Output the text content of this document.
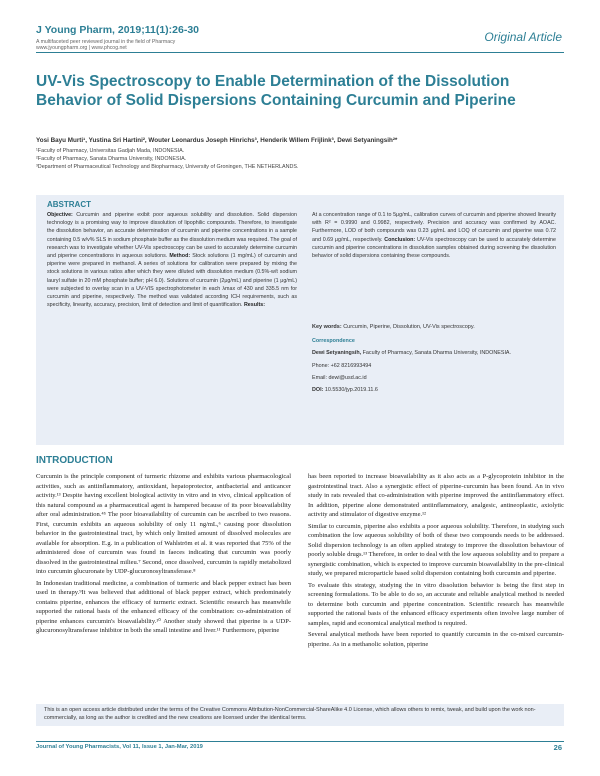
J Young Pharm, 2019;11(1):26-30
A multifaceted peer reviewed journal in the field of Pharmacy
www.jyoungpharm.org | www.phcog.net
Original Article
UV-Vis Spectroscopy to Enable Determination of the Dissolution Behavior of Solid Dispersions Containing Curcumin and Piperine
Yosi Bayu Murti¹, Yustina Sri Hartini², Wouter Leonardus Joseph Hinrichs³, Henderik Willem Frijlink³, Dewi Setyaningsih²*
¹Faculty of Pharmacy, Universitas Gadjah Mada, INDONESIA.
²Faculty of Pharmacy, Sanata Dharma University, INDONESIA.
³Department of Pharmaceutical Technology and Biopharmacy, University of Groningen, THE NETHERLANDS.
ABSTRACT
Objective: Curcumin and piperine exibit poor aqueous solubility and dissolution. Solid dispersion technology is a promising way to improve dissolution of lipophilic compounds. Therefore, to investigate the dissolution behavior, an accurate determination of curcumin and piperine concentrations in a sample containing 0.5 w/v% SLS in sodium phosphate buffer as the dissolution medium was required. The goal of research was to investigate whether UV-Vis spectroscopy can be used to accurately determine curcumin and piperine concentrations in aqueous solutions. Method: Stock solutions (1 mg/mL) of curcumin and piperine were prepared in methanol. A series of solutions for calibration were prepared by mixing the stock solutions in various ratios after which they were diluted with dissolution medium (0.5%-w/t sodium lauryl sulfate in 20 mM phosphate buffer; pH 6.0). Solutions of curcumin (2μg/mL) and piperine (1 μg/mL) were subjected to overlay scan in a UV-VIS spectrophotometer in each λmax of 430 and 335.5 nm for curcumin and piperine, respectively. The method was validated according ICH requirements, such as specificity, linearity, accuracy, precision, limit of detection and limit of quantification. Results:
At a concentration range of 0.1 to 5μg/mL, calibration curves of curcumin and piperine showed linearity with R² = 0.9990 and 0.9982, respectively. Precision and accuracy was confirmed by AOAC. Furthermore, LOD of both compounds was 0.23 μg/mL and LOQ of curcumin and piperine was 0.72 and 0.69 μg/mL, respectively. Conclusion: UV-Vis spectroscopy can be used to accurately determine curcumin and piperine concentrations in dissolution samples obtained during screening the dissolution behavior of solid dispersions containing these compounds.
Key words: Curcumin, Piperine, Dissolution, UV-Vis spectroscopy.
Correspondence
Dewi Setyaningsih, Faculty of Pharmacy, Sanata Dharma University, INDONESIA.
Phone: +62 8216993494
Email: dewi@usd.ac.id
DOI: 10.5530/jyp.2019.11.6
INTRODUCTION

Curcumin is the principle component of turmeric rhizome and exhibits various pharmacological activities, such as antiinflammatory, antioxidant, hepatoprotector, antibacterial and anticancer activity.¹³ Despite having excellent biological activity in vitro and in vivo, clinical application of this natural compound as a pharmaceutical agent is hampered because of its poor bioavailability after oral administration.⁴⁵ The poor bioavailability of curcumin can be ascribed to two reasons. First, curcumin exhibits an aqueous solubility of only 11 ng/mL,⁶ causing poor dissolution behavior in the gastrointestinal tract, by which only limited amount of dissolved molecules are available for absorption. E.g. in a publication of Wahlström et al. it was reported that 75% of the administered dose of curcumin was found in faeces indicating that curcumin was poorly dissolved in the gastrointestinal milieu.⁷ Second, once dissolved, curcumin is rapidly metabolized into curcumin glucuronate by UDP-glucuronosyltransferase.⁸

In Indonesian traditional medicine, a combination of turmeric and black pepper extract has been used in therapy.⁹It was believed that additional of black pepper extract, which predominately contains piperine, enhances the efficacy of turmeric extract. Scientific research has meanwhile supported the rational basis of the enhanced efficacy of the combination: co-administration of piperine enhances curcumin's bioavailability.¹⁰ Another study showed that piperine is a UDP-glucuronosyltransferase inhibitor in both the small intestine and liver.¹¹ Furthermore, piperine

has been reported to increase bioavailability as it also acts as a P-glycoprotein inhibitor in the gastrointestinal tract. Also a synergistic effect of piperine-curcumin has been found. An in vivo study in rats revealed that co-administration with piperine improved the antiinflammatory effect. In addition, piperine alone demonstrated antiinflammatory, analgesic, antineoplastic, axiolytic activity and stimulator of digestive enzyme.¹²

Similar to curcumin, piperine also exhibits a poor aqueous solubility. Therefore, in studying such combination the low aqueous solubility of both of these two compounds needs to be addressed. Solid dispersion technology is an often applied strategy to improve the dissolution behaviour of poorly soluble drugs.¹³ Therefore, in order to deal with the low aqueous solubility and to prepare a synergistic combination, which is expected to improve curcumin bioavailability in the pre-clinical study, we prepared microparticle based solid dispersion containing both curcumin and piperine.

To evaluate this strategy, studying the in vitro dissolution behavior is being the first step in screening formulations. To be able to do so, an accurate and reliable analytical method is needed to determine both curcumin and piperine concentration. Scientific research has meanwhile supported the rational basis of the enhanced efficacy experiments often involve large number of samples, rapid and economical analytical method is required.

Several analytical methods have been reported to quantify curcumin in the co-mixed curcumin-piperine. As in a methanolic solution, piperine

This is an open access article distributed under the terms of the Creative Commons Attribution-NonCommercial-ShareAlike 4.0 License, which allows others to remix, tweak, and build upon the work non-commercially, as long as the author is credited and the new creations are licensed under the identical terms.
Journal of Young Pharmacists, Vol 11, Issue 1, Jan-Mar, 2019	26
